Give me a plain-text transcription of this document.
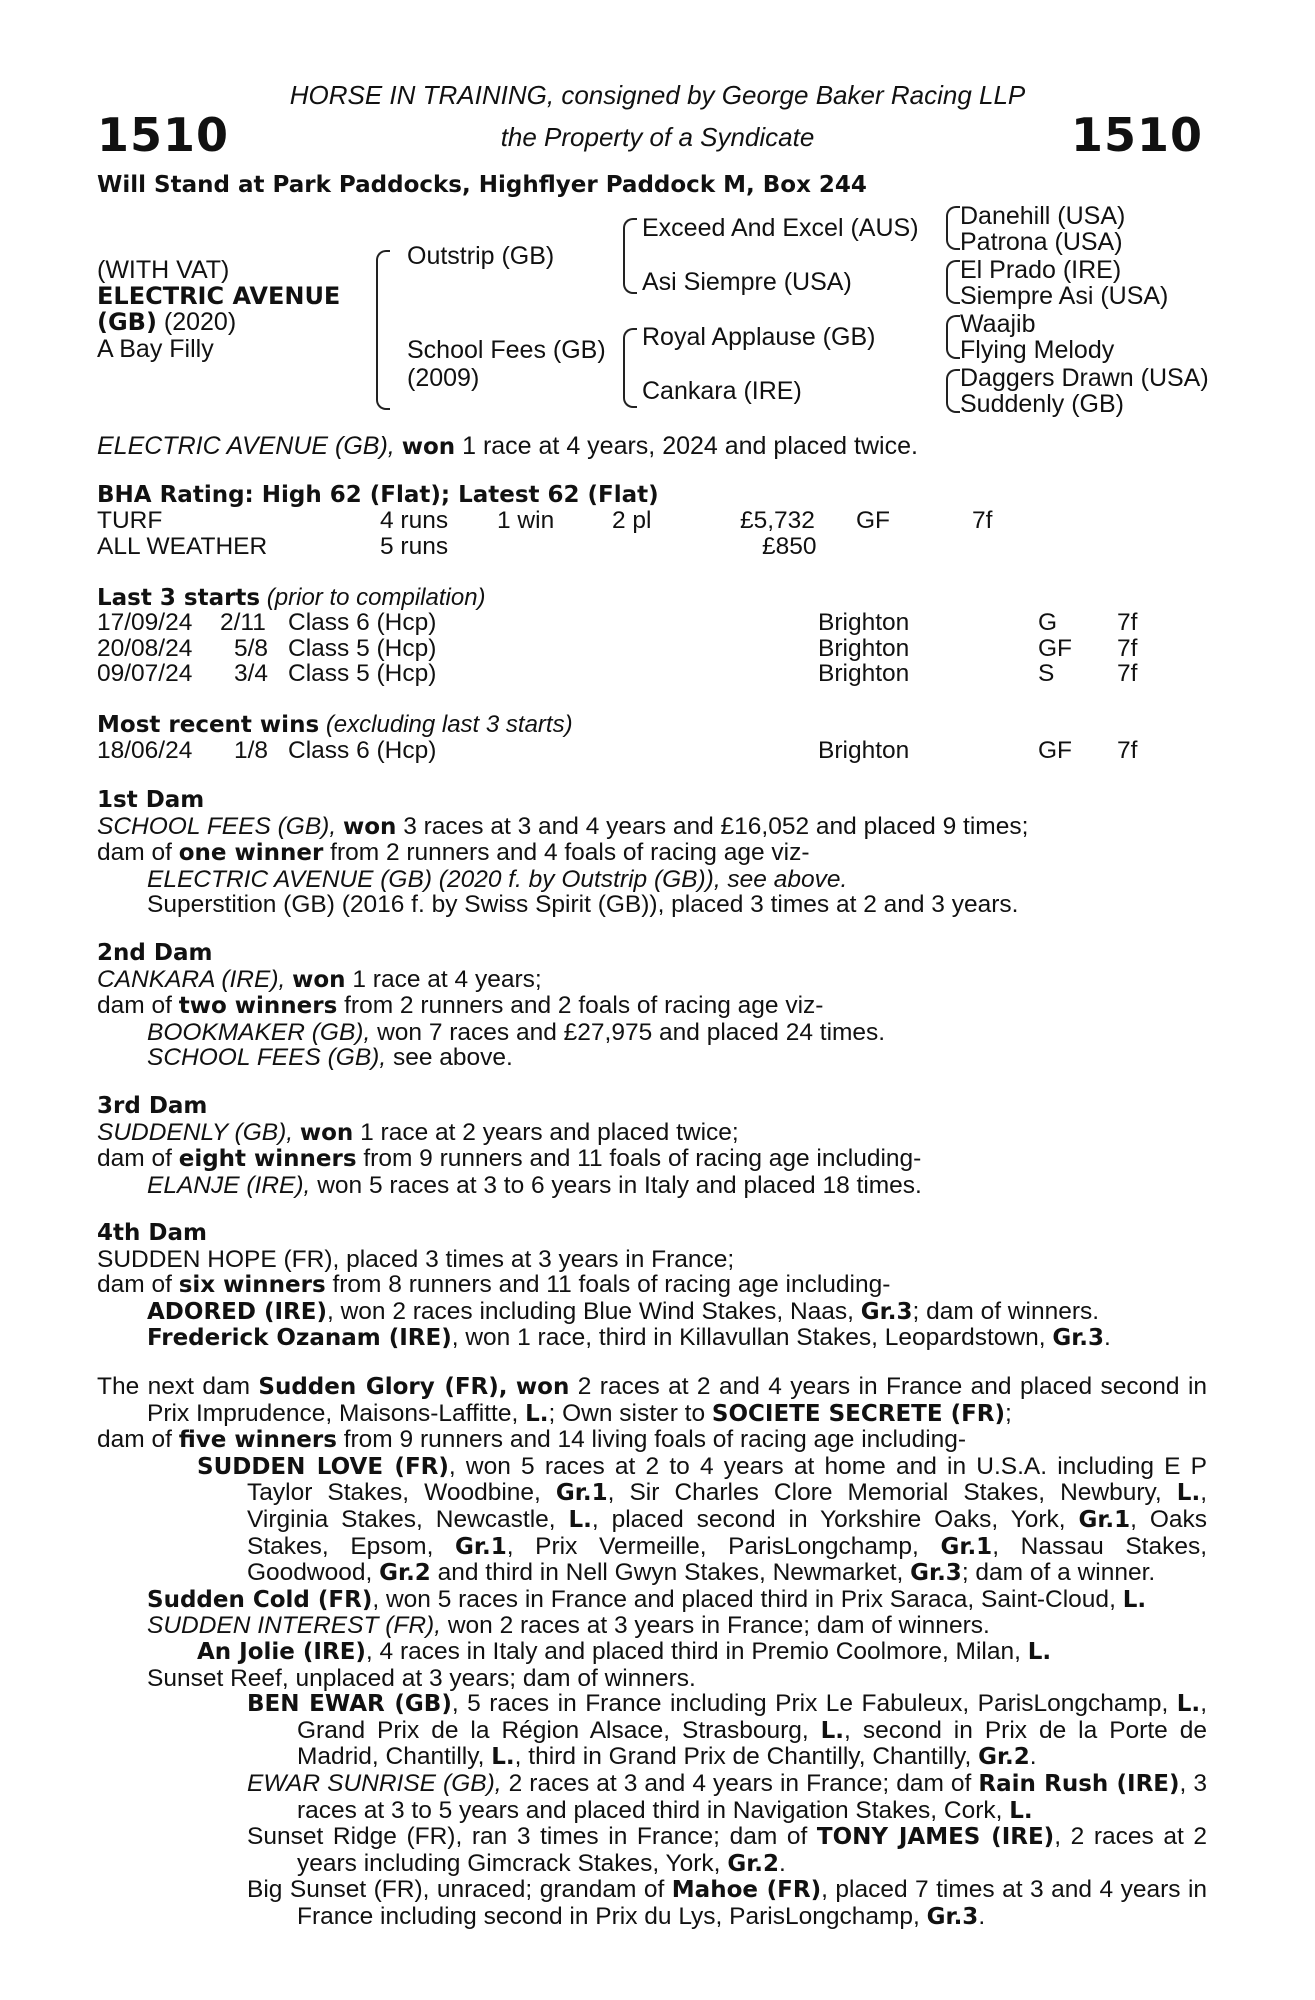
1510	1510
HORSE IN TRAINING, consigned by George Baker Racing LLP
the Property of a Syndicate
Will Stand at Park Paddocks, Highflyer Paddock M, Box 244
(WITH VAT)
ELECTRIC AVENUE
(GB) (2020)
A Bay Filly
Outstrip (GB)
School Fees (GB)
(2009)
Exceed And Excel (AUS)
Asi Siempre (USA)
Royal Applause (GB)
Cankara (IRE)
Danehill (USA)
Patrona (USA)
El Prado (IRE)
Siempre Asi (USA)
Waajib
Flying Melody
Daggers Drawn (USA)
Suddenly (GB)
ELECTRIC AVENUE (GB), won 1 race at 4 years, 2024 and placed twice.
BHA Rating: High 62 (Flat); Latest 62 (Flat)
TURF	4 runs 1 win 2 pl	£5,732 GF	7f
ALL WEATHER	5 runs	£850
Last 3 starts (prior to compilation)
17/09/24 2/11 Class 6 (Hcp)	Brighton	G 7f
20/08/24 5/8 Class 5 (Hcp)	Brighton	GF 7f
09/07/24 3/4 Class 5 (Hcp)	Brighton	S	7f
Most recent wins (excluding last 3 starts)
18/06/24 1/8 Class 6 (Hcp)	Brighton	GF 7f

1st Dam

SCHOOL FEES (GB), won 3 races at 3 and 4 years and £16,052 and placed 9 times;

dam of one winner from 2 runners and 4 foals of racing age viz-

ELECTRIC AVENUE (GB) (2020 f. by Outstrip (GB)), see above.

Superstition (GB) (2016 f. by Swiss Spirit (GB)), placed 3 times at 2 and 3 years.

2nd Dam

CANKARA (IRE), won 1 race at 4 years;

dam of two winners from 2 runners and 2 foals of racing age viz-

BOOKMAKER (GB), won 7 races and £27,975 and placed 24 times.

SCHOOL FEES (GB), see above.

3rd Dam

SUDDENLY (GB), won 1 race at 2 years and placed twice;

dam of eight winners from 9 runners and 11 foals of racing age including-

ELANJE (IRE), won 5 races at 3 to 6 years in Italy and placed 18 times.

4th Dam

SUDDEN HOPE (FR), placed 3 times at 3 years in France;

dam of six winners from 8 runners and 11 foals of racing age including-

ADORED (IRE), won 2 races including Blue Wind Stakes, Naas, Gr.3; dam of winners.

Frederick Ozanam (IRE), won 1 race, third in Killavullan Stakes, Leopardstown, Gr.3.

The next dam Sudden Glory (FR), won 2 races at 2 and 4 years in France and placed second in Prix Imprudence, Maisons-Laffitte, L.; Own sister to SOCIETE SECRETE (FR);

dam of five winners from 9 runners and 14 living foals of racing age including-

SUDDEN LOVE (FR), won 5 races at 2 to 4 years at home and in U.S.A. including E P Taylor Stakes, Woodbine, Gr.1, Sir Charles Clore Memorial Stakes, Newbury, L., Virginia Stakes, Newcastle, L., placed second in Yorkshire Oaks, York, Gr.1, Oaks Stakes, Epsom, Gr.1, Prix Vermeille, ParisLongchamp, Gr.1, Nassau Stakes, Goodwood, Gr.2 and third in Nell Gwyn Stakes, Newmarket, Gr.3; dam of a winner.

Sudden Cold (FR), won 5 races in France and placed third in Prix Saraca, Saint-Cloud, L.

SUDDEN INTEREST (FR), won 2 races at 3 years in France; dam of winners.

An Jolie (IRE), 4 races in Italy and placed third in Premio Coolmore, Milan, L.

Sunset Reef, unplaced at 3 years; dam of winners.

BEN EWAR (GB), 5 races in France including Prix Le Fabuleux, ParisLongchamp, L., Grand Prix de la Région Alsace, Strasbourg, L., second in Prix de la Porte de Madrid, Chantilly, L., third in Grand Prix de Chantilly, Chantilly, Gr.2.

EWAR SUNRISE (GB), 2 races at 3 and 4 years in France; dam of Rain Rush (IRE), 3 races at 3 to 5 years and placed third in Navigation Stakes, Cork, L.

Sunset Ridge (FR), ran 3 times in France; dam of TONY JAMES (IRE), 2 races at 2 years including Gimcrack Stakes, York, Gr.2.

Big Sunset (FR), unraced; grandam of Mahoe (FR), placed 7 times at 3 and 4 years in France including second in Prix du Lys, ParisLongchamp, Gr.3.
